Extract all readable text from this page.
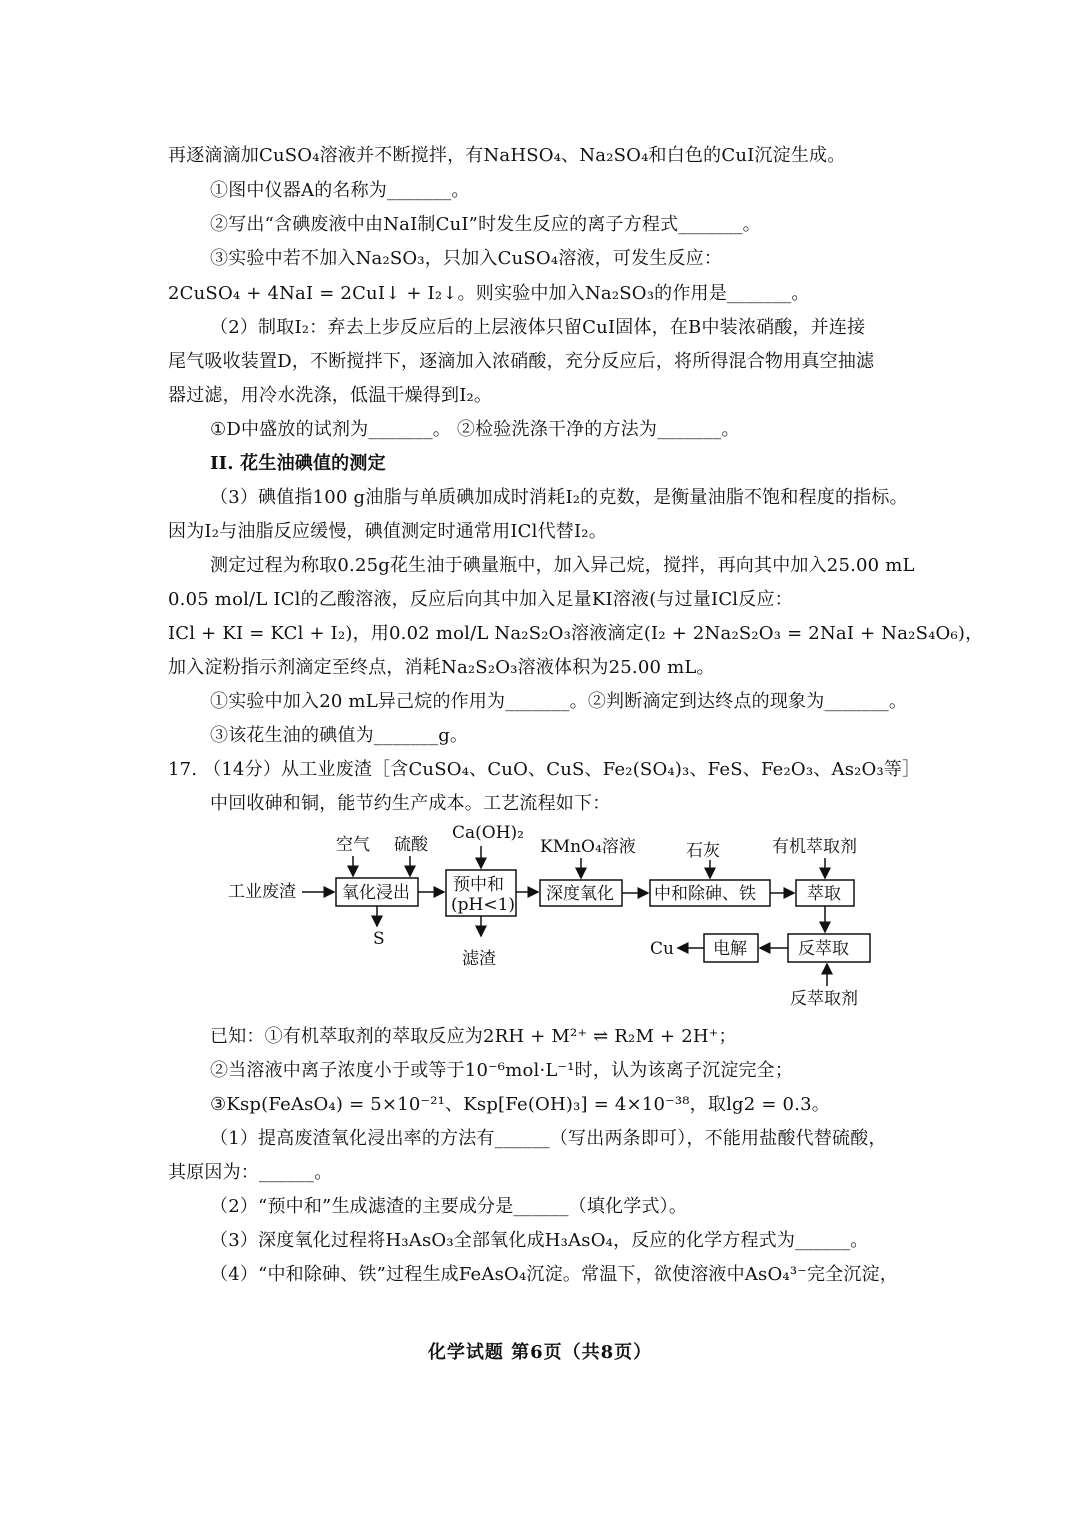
再逐滴滴加CuSO₄溶液并不断搅拌，有NaHSO₄、Na₂SO₄和白色的CuI沉淀生成。
①图中仪器A的名称为_______。
②写出“含碘废液中由NaI制CuI”时发生反应的离子方程式_______。
③实验中若不加入Na₂SO₃，只加入CuSO₄溶液，可发生反应：
2CuSO₄ + 4NaI = 2CuI↓ + I₂↓。则实验中加入Na₂SO₃的作用是_______。
（2）制取I₂：弃去上步反应后的上层液体只留CuI固体，在B中装浓硝酸，并连接
尾气吸收装置D，不断搅拌下，逐滴加入浓硝酸，充分反应后，将所得混合物用真空抽滤
器过滤，用冷水洗涤，低温干燥得到I₂。
①D中盛放的试剂为_______。 ②检验洗涤干净的方法为_______。
II. 花生油碘值的测定
（3）碘值指100 g油脂与单质碘加成时消耗I₂的克数，是衡量油脂不饱和程度的指标。
因为I₂与油脂反应缓慢，碘值测定时通常用ICl代替I₂。
测定过程为称取0.25g花生油于碘量瓶中，加入异己烷，搅拌，再向其中加入25.00 mL
0.05 mol/L ICl的乙酸溶液，反应后向其中加入足量KI溶液(与过量ICl反应：
ICl + KI = KCl + I₂)，用0.02 mol/L Na₂S₂O₃溶液滴定(I₂ + 2Na₂S₂O₃ = 2NaI + Na₂S₄O₆)，
加入淀粉指示剂滴定至终点，消耗Na₂S₂O₃溶液体积为25.00 mL。
①实验中加入20 mL异己烷的作用为_______。②判断滴定到达终点的现象为_______。
③该花生油的碘值为_______g。
17. （14分）从工业废渣［含CuSO₄、CuO、CuS、Fe₂(SO₄)₃、FeS、Fe₂O₃、As₂O₃等］
中回收砷和铜，能节约生产成本。工艺流程如下：
工业废渣	氧化浸出
空气 硫酸
S
预中和
(pH<1)
Ca(OH)₂
滤渣
深度氧化
KMnO₄溶液
中和除砷、铁
石灰
萃取
有机萃取剂
反萃取
反萃取剂
电解
Cu
已知：①有机萃取剂的萃取反应为2RH + M²⁺ ⇌ R₂M + 2H⁺；
②当溶液中离子浓度小于或等于10⁻⁶mol·L⁻¹时，认为该离子沉淀完全；
③Ksp(FeAsO₄) = 5×10⁻²¹、Ksp[Fe(OH)₃] = 4×10⁻³⁸，取lg2 = 0.3。
（1）提高废渣氧化浸出率的方法有______（写出两条即可），不能用盐酸代替硫酸，
其原因为：______。
（2）“预中和”生成滤渣的主要成分是______（填化学式）。
（3）深度氧化过程将H₃AsO₃全部氧化成H₃AsO₄，反应的化学方程式为______。
（4）“中和除砷、铁”过程生成FeAsO₄沉淀。常温下，欲使溶液中AsO₄³⁻完全沉淀，
化学试题 第6页（共8页）
